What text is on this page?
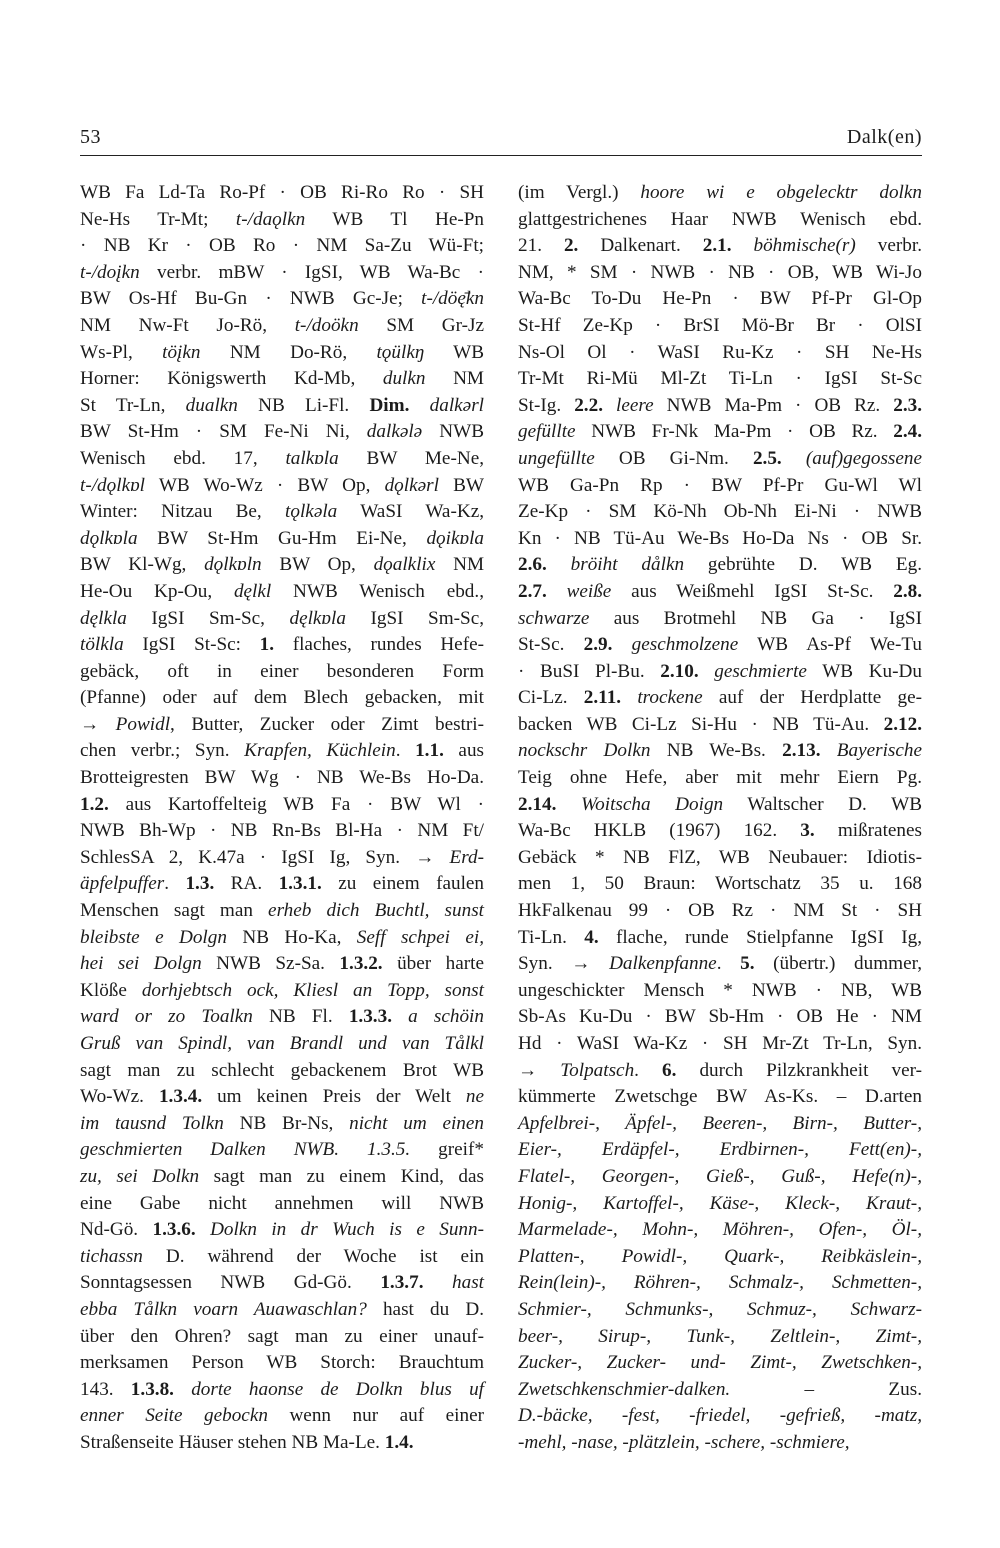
53	Dalk(en)
WB Fa Ld-Ta Ro-Pf · OB Ri-Ro Ro · SH
Ne-Hs Tr-Mt; t-/daǫlkn WB Tl He-Pn
· NB Kr · OB Ro · NM Sa-Zu Wü-Ft;
t-/doįkn verbr. mBW · IgSI, WB Wa-Bc ·
BW Os-Hf Bu-Gn · NWB Gc-Je; t-/döę̄kn
NM Nw-Ft Jo-Rö, t-/doökn SM Gr-Jz
Ws-Pl, töįkn NM Do-Rö, tǫülkŋ WB
Horner: Königswerth Kd-Mb, dulkn NM
St Tr-Ln, dualkn NB Li-Fl. Dim. dalkərl
BW St-Hm · SM Fe-Ni Ni, dalkələ NWB
Wenisch ebd. 17, talkɒla BW Me-Ne,
t-/dǫlkɒl WB Wo-Wz · BW Op, dǫlkərl BW
Winter: Nitzau Be, tǫlkəla WaSI Wa-Kz,
dǫlkɒla BW St-Hm Gu-Hm Ei-Ne, dǫikɒla
BW Kl-Wg, dǫlkɒln BW Op, dǫalklix NM
He-Ou Kp-Ou, dęlkl NWB Wenisch ebd.,
dęlkla IgSI Sm-Sc, dęlkɒla IgSI Sm-Sc,
tölkla IgSI St-Sc: 1. flaches, rundes Hefe-
gebäck, oft in einer besonderen Form
(Pfanne) oder auf dem Blech gebacken, mit
→ Powidl, Butter, Zucker oder Zimt bestri-
chen verbr.; Syn. Krapfen, Küchlein. 1.1. aus
Brotteigresten BW Wg · NB We-Bs Ho-Da.
1.2. aus Kartoffelteig WB Fa · BW Wl ·
NWB Bh-Wp · NB Rn-Bs Bl-Ha · NM Ft/
SchlesSA 2, K.47a · IgSI Ig, Syn. → Erd-
äpfelpuffer. 1.3. RA. 1.3.1. zu einem faulen
Menschen sagt man erheb dich Buchtl, sunst
bleibste e Dolgn NB Ho-Ka, Seff schpei ei,
hei sei Dolgn NWB Sz-Sa. 1.3.2. über harte
Klöße dorhjebtsch ock, Kliesl an Topp, sonst
ward or zo Toalkn NB Fl. 1.3.3. a schöin
Gruß van Spindl, van Brandl und van Tålkl
sagt man zu schlecht gebackenem Brot WB
Wo-Wz. 1.3.4. um keinen Preis der Welt ne
im tausnd Tolkn NB Br-Ns, nicht um einen
geschmierten Dalken NWB. 1.3.5. greif*
zu, sei Dolkn sagt man zu einem Kind, das
eine Gabe nicht annehmen will NWB
Nd-Gö. 1.3.6. Dolkn in dr Wuch is e Sunn-
tichassn D. während der Woche ist ein
Sonntagsessen NWB Gd-Gö. 1.3.7. hast
ebba Tålkn voarn Auawaschlan? hast du D.
über den Ohren? sagt man zu einer unauf-
merksamen Person WB Storch: Brauchtum
143. 1.3.8. dorte haonse de Dolkn blus uf
enner Seite gebockn wenn nur auf einer
Straßenseite Häuser stehen NB Ma-Le. 1.4.
(im Vergl.) hoore wi e obgelecktr dolkn
glattgestrichenes Haar NWB Wenisch ebd.
21. 2. Dalkenart. 2.1. böhmische(r) verbr.
NM, * SM · NWB · NB · OB, WB Wi-Jo
Wa-Bc To-Du He-Pn · BW Pf-Pr Gl-Op
St-Hf Ze-Kp · BrSI Mö-Br Br · OlSI
Ns-Ol Ol · WaSI Ru-Kz · SH Ne-Hs
Tr-Mt Ri-Mü Ml-Zt Ti-Ln · IgSI St-Sc
St-Ig. 2.2. leere NWB Ma-Pm · OB Rz. 2.3.
gefüllte NWB Fr-Nk Ma-Pm · OB Rz. 2.4.
ungefüllte OB Gi-Nm. 2.5. (auf)gegossene
WB Ga-Pn Rp · BW Pf-Pr Gu-Wl Wl
Ze-Kp · SM Kö-Nh Ob-Nh Ei-Ni · NWB
Kn · NB Tü-Au We-Bs Ho-Da Ns · OB Sr.
2.6. bröiht dålkn gebrühte D. WB Eg.
2.7. weiße aus Weißmehl IgSI St-Sc. 2.8.
schwarze aus Brotmehl NB Ga · IgSI
St-Sc. 2.9. geschmolzene WB As-Pf We-Tu
· BuSI Pl-Bu. 2.10. geschmierte WB Ku-Du
Ci-Lz. 2.11. trockene auf der Herdplatte ge-
backen WB Ci-Lz Si-Hu · NB Tü-Au. 2.12.
nockschr Dolkn NB We-Bs. 2.13. Bayerische
Teig ohne Hefe, aber mit mehr Eiern Pg.
2.14. Woitscha Doign Waltscher D. WB
Wa-Bc HKLB (1967) 162. 3. mißratenes
Gebäck * NB FlZ, WB Neubauer: Idiotis-
men 1, 50 Braun: Wortschatz 35 u. 168
HkFalkenau 99 · OB Rz · NM St · SH
Ti-Ln. 4. flache, runde Stielpfanne IgSI Ig,
Syn. → Dalkenpfanne. 5. (übertr.) dummer,
ungeschickter Mensch * NWB · NB, WB
Sb-As Ku-Du · BW Sb-Hm · OB He · NM
Hd · WaSI Wa-Kz · SH Mr-Zt Tr-Ln, Syn.
→ Tolpatsch. 6. durch Pilzkrankheit ver-
kümmerte Zwetschge BW As-Ks. – D.arten
Apfelbrei-, Äpfel-, Beeren-, Birn-, Butter-,
Eier-, Erdäpfel-, Erdbirnen-, Fett(en)-,
Flatel-, Georgen-, Gieß-, Guß-, Hefe(n)-,
Honig-, Kartoffel-, Käse-, Kleck-, Kraut-,
Marmelade-, Mohn-, Möhren-, Ofen-, Öl-,
Platten-, Powidl-, Quark-, Reibkäslein-,
Rein(lein)-, Röhren-, Schmalz-, Schmetten-,
Schmier-, Schmunks-, Schmuz-, Schwarz-
beer-, Sirup-, Tunk-, Zeltlein-, Zimt-,
Zucker-, Zucker- und- Zimt-, Zwetschken-,
Zwetschkenschmier-dalken. – Zus.
D.-bäcke, -fest, -friedel, -gefrieß, -matz,
-mehl, -nase, -plätzlein, -schere, -schmiere,
